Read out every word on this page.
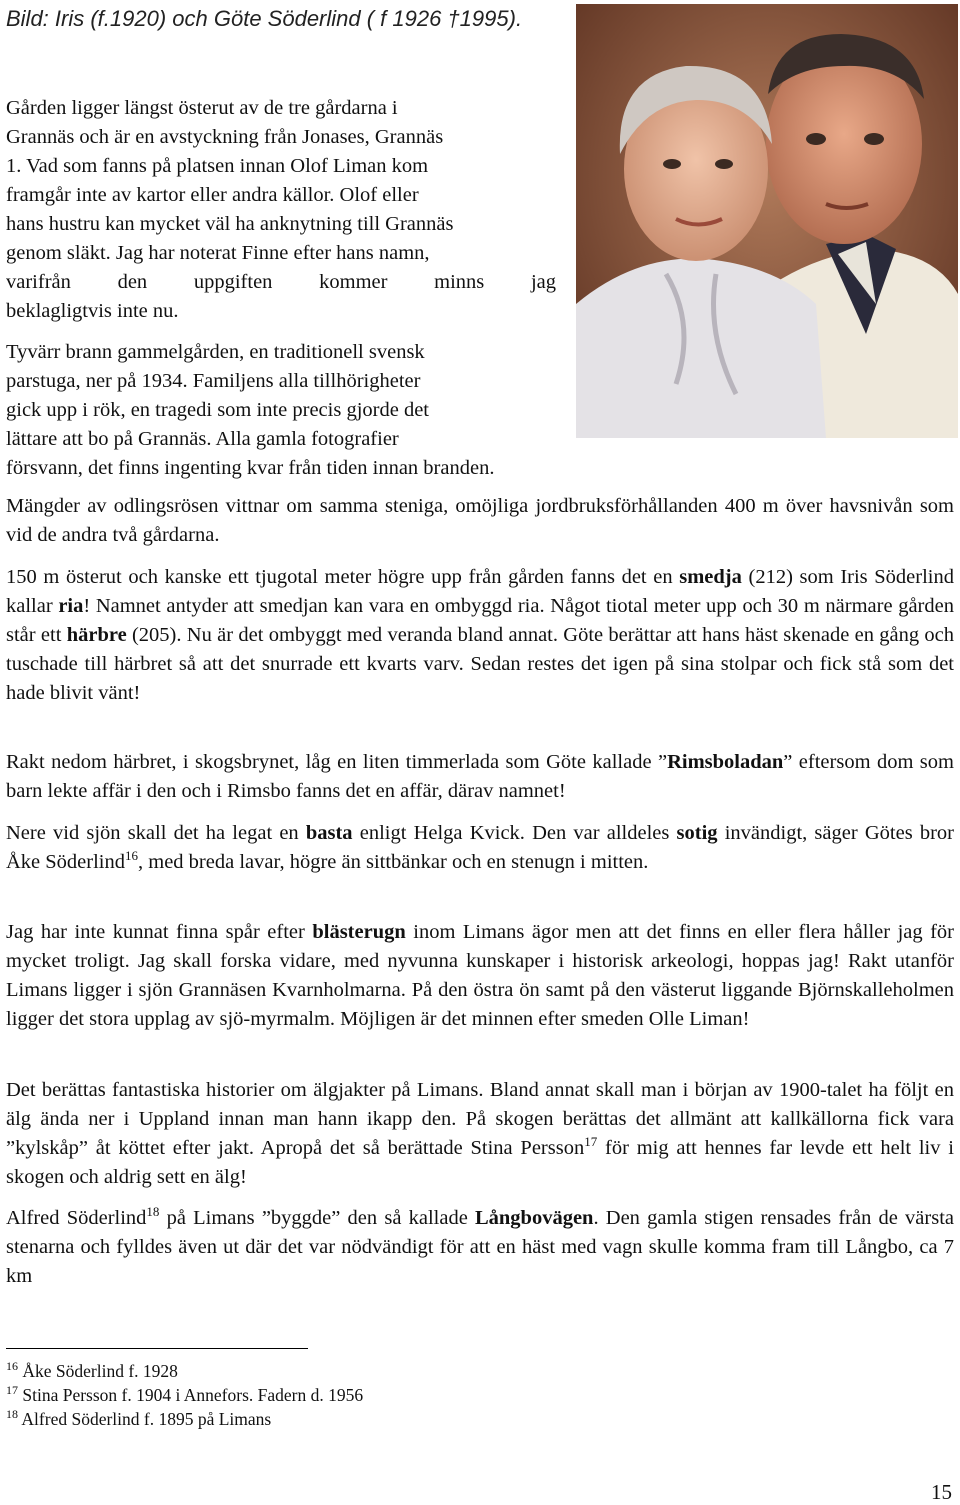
Bild: Iris (f.1920) och Göte Söderlind ( f 1926 †1995).

Gården ligger längst österut av de tre gårdarna i
Grannäs och är en avstyckning från Jonases, Grannäs
1. Vad som fanns på platsen innan Olof Liman kom
framgår inte av kartor eller andra källor. Olof eller
hans hustru kan mycket väl ha anknytning till Grannäs
genom släkt. Jag har noterat Finne efter hans namn,
varifrån den uppgiften kommer minns jag
beklagligtvis inte nu.

Tyvärr brann gammelgården, en traditionell svensk
parstuga, ner på 1934. Familjens alla tillhörigheter
gick upp i rök, en tragedi som inte precis gjorde det
lättare att bo på Grannäs. Alla gamla fotografier
försvann, det finns ingenting kvar från tiden innan branden.

Mängder av odlingsrösen vittnar om samma steniga, omöjliga jordbruksförhållanden 400 m över havsnivån som vid de andra två gårdarna.

150 m österut och kanske ett tjugotal meter högre upp från gården fanns det en smedja (212) som Iris Söderlind kallar ria! Namnet antyder att smedjan kan vara en ombyggd ria. Något tiotal meter upp och 30 m närmare gården står ett härbre (205). Nu är det ombyggt med veranda bland annat. Göte berättar att hans häst skenade en gång och tuschade till härbret så att det snurrade ett kvarts varv. Sedan restes det igen på sina stolpar och fick stå som det hade blivit vänt!

Rakt nedom härbret, i skogsbrynet, låg en liten timmerlada som Göte kallade ”Rimsboladan” eftersom dom som barn lekte affär i den och i Rimsbo fanns det en affär, därav namnet!

Nere vid sjön skall det ha legat en basta enligt Helga Kvick. Den var alldeles sotig invändigt, säger Götes bror Åke Söderlind$^{16}$, med breda lavar, högre än sittbänkar och en stenugn i mitten.

Jag har inte kunnat finna spår efter blästerugn inom Limans ägor men att det finns en eller flera håller jag för mycket troligt. Jag skall forska vidare, med nyvunna kunskaper i historisk arkeologi, hoppas jag! Rakt utanför Limans ligger i sjön Grannäsen Kvarnholmarna. På den östra ön samt på den västerut liggande Björnskalleholmen ligger det stora upplag av sjö-myrmalm. Möjligen är det minnen efter smeden Olle Liman!

Det berättas fantastiska historier om älgjakter på Limans. Bland annat skall man i början av 1900-talet ha följt en älg ända ner i Uppland innan man hann ikapp den. På skogen berättas det allmänt att kallkällorna fick vara ”kylskåp” åt köttet efter jakt. Apropå det så berättade Stina Persson$^{17}$ för mig att hennes far levde ett helt liv i skogen och aldrig sett en älg!

Alfred Söderlind$^{18}$ på Limans ”byggde” den så kallade Långbovägen. Den gamla stigen rensades från de värsta stenarna och fylldes även ut där det var nödvändigt för att en häst med vagn skulle komma fram till Långbo, ca 7 km

$^{16}$ Åke Söderlind f. 1928
$^{17}$ Stina Persson f. 1904 i Annefors. Fadern d. 1956
$^{18}$ Alfred Söderlind f. 1895 på Limans
15
